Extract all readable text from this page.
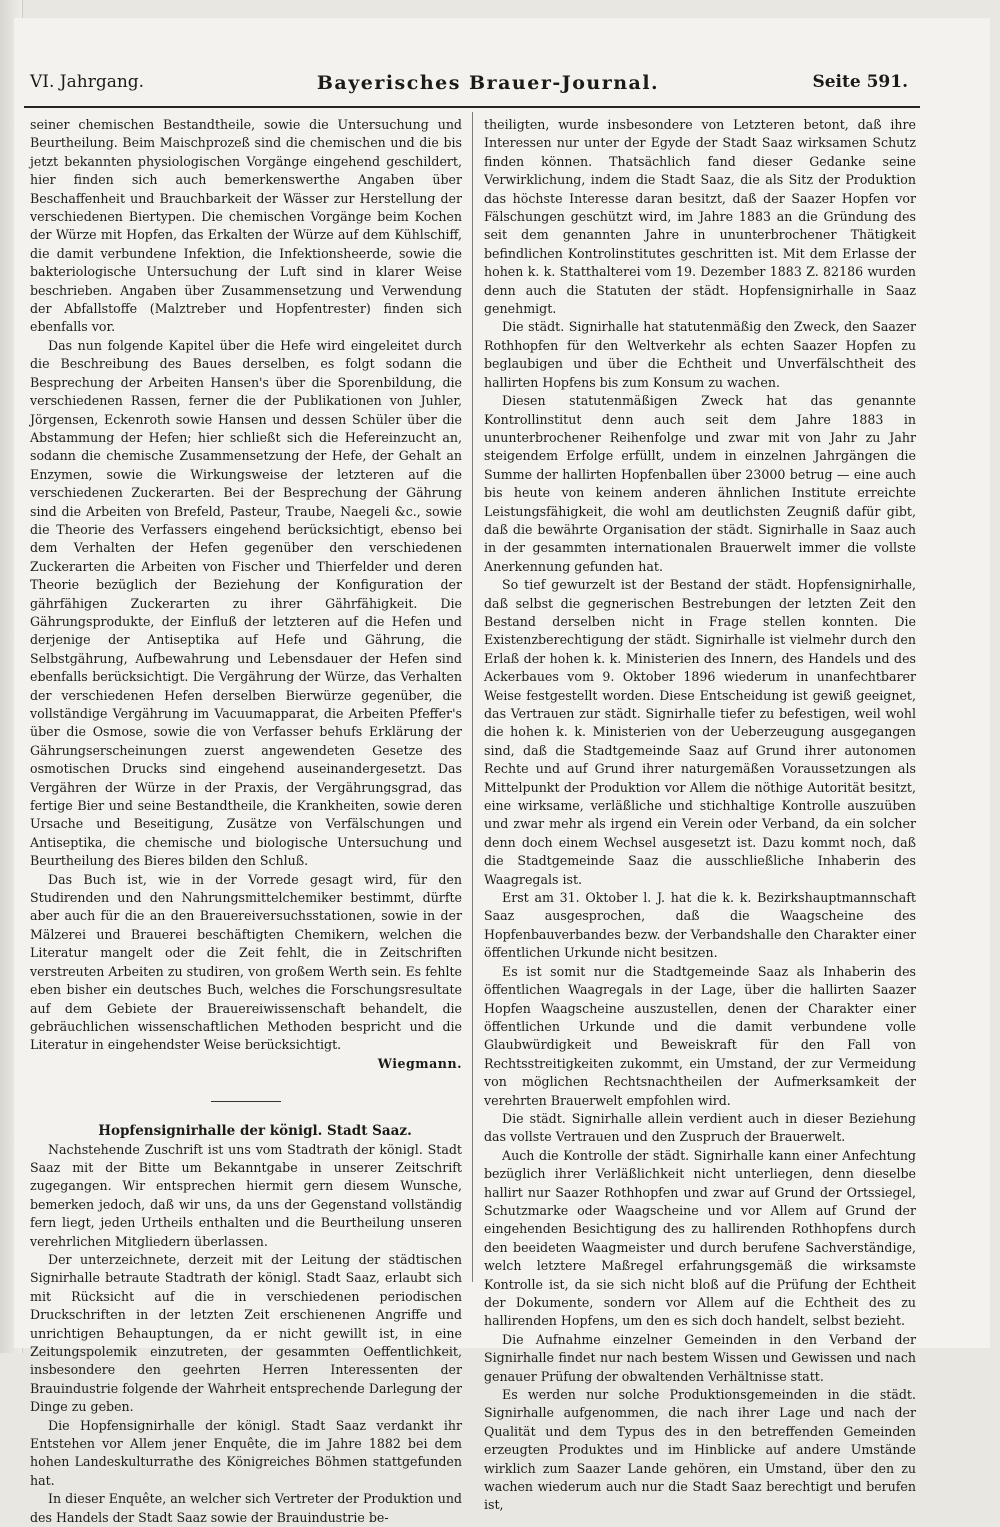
VI. Jahrgang.	Bayerisches Brauer-Journal.	Seite 591.

seiner chemischen Bestandtheile, sowie die Untersuchung und Beurtheilung. Beim Maischprozeß sind die chemischen und die bis jetzt bekannten physiologischen Vorgänge eingehend geschildert, hier finden sich auch bemerkenswerthe Angaben über Beschaffenheit und Brauchbarkeit der Wässer zur Herstellung der verschiedenen Biertypen. Die chemischen Vorgänge beim Kochen der Würze mit Hopfen, das Erkalten der Würze auf dem Kühlschiff, die damit verbundene Infektion, die Infektionsheerde, sowie die bakteriologische Untersuchung der Luft sind in klarer Weise beschrieben. Angaben über Zusammensetzung und Verwendung der Abfallstoffe (Malztreber und Hopfentrester) finden sich ebenfalls vor.

Das nun folgende Kapitel über die Hefe wird eingeleitet durch die Beschreibung des Baues derselben, es folgt sodann die Besprechung der Arbeiten Hansen's über die Sporenbildung, die verschiedenen Rassen, ferner die der Publikationen von Juhler, Jörgensen, Eckenroth sowie Hansen und dessen Schüler über die Abstammung der Hefen; hier schließt sich die Hefereinzucht an, sodann die chemische Zusammensetzung der Hefe, der Gehalt an Enzymen, sowie die Wirkungsweise der letzteren auf die verschiedenen Zuckerarten. Bei der Besprechung der Gährung sind die Arbeiten von Brefeld, Pasteur, Traube, Naegeli &c., sowie die Theorie des Verfassers eingehend berücksichtigt, ebenso bei dem Verhalten der Hefen gegenüber den verschiedenen Zuckerarten die Arbeiten von Fischer und Thierfelder und deren Theorie bezüglich der Beziehung der Konfiguration der gährfähigen Zuckerarten zu ihrer Gährfähigkeit. Die Gährungsprodukte, der Einfluß der letzteren auf die Hefen und derjenige der Antiseptika auf Hefe und Gährung, die Selbstgährung, Aufbewahrung und Lebensdauer der Hefen sind ebenfalls berücksichtigt. Die Vergährung der Würze, das Verhalten der verschiedenen Hefen derselben Bierwürze gegenüber, die vollständige Vergährung im Vacuumapparat, die Arbeiten Pfeffer's über die Osmose, sowie die von Verfasser behufs Erklärung der Gährungserscheinungen zuerst angewendeten Gesetze des osmotischen Drucks sind eingehend auseinandergesetzt. Das Vergähren der Würze in der Praxis, der Vergährungsgrad, das fertige Bier und seine Bestandtheile, die Krankheiten, sowie deren Ursache und Beseitigung, Zusätze von Verfälschungen und Antiseptika, die chemische und biologische Untersuchung und Beurtheilung des Bieres bilden den Schluß.

Das Buch ist, wie in der Vorrede gesagt wird, für den Studirenden und den Nahrungsmittelchemiker bestimmt, dürfte aber auch für die an den Brauereiversuchsstationen, sowie in der Mälzerei und Brauerei beschäftigten Chemikern, welchen die Literatur mangelt oder die Zeit fehlt, die in Zeitschriften verstreuten Arbeiten zu studiren, von großem Werth sein. Es fehlte eben bisher ein deutsches Buch, welches die Forschungsresultate auf dem Gebiete der Brauereiwissenschaft behandelt, die gebräuchlichen wissenschaftlichen Methoden bespricht und die Literatur in eingehendster Weise berücksichtigt.

Wiegmann.

Hopfensignirhalle der königl. Stadt Saaz.

Nachstehende Zuschrift ist uns vom Stadtrath der königl. Stadt Saaz mit der Bitte um Bekanntgabe in unserer Zeitschrift zugegangen. Wir entsprechen hiermit gern diesem Wunsche, bemerken jedoch, daß wir uns, da uns der Gegenstand vollständig fern liegt, jeden Urtheils enthalten und die Beurtheilung unseren verehrlichen Mitgliedern überlassen.

Der unterzeichnete, derzeit mit der Leitung der städtischen Signirhalle betraute Stadtrath der königl. Stadt Saaz, erlaubt sich mit Rücksicht auf die in verschiedenen periodischen Druckschriften in der letzten Zeit erschienenen Angriffe und unrichtigen Behauptungen, da er nicht gewillt ist, in eine Zeitungspolemik einzutreten, der gesammten Oeffentlichkeit, insbesondere den geehrten Herren Interessenten der Brauindustrie folgende der Wahrheit entsprechende Darlegung der Dinge zu geben.

Die Hopfensignirhalle der königl. Stadt Saaz verdankt ihr Entstehen vor Allem jener Enquête, die im Jahre 1882 bei dem hohen Landeskulturrathe des Königreiches Böhmen stattgefunden hat.

In dieser Enquête, an welcher sich Vertreter der Produktion und des Handels der Stadt Saaz sowie der Brauindustrie be-

theiligten, wurde insbesondere von Letzteren betont, daß ihre Interessen nur unter der Egyde der Stadt Saaz wirksamen Schutz finden können. Thatsächlich fand dieser Gedanke seine Verwirklichung, indem die Stadt Saaz, die als Sitz der Produktion das höchste Interesse daran besitzt, daß der Saazer Hopfen vor Fälschungen geschützt wird, im Jahre 1883 an die Gründung des seit dem genannten Jahre in ununterbrochener Thätigkeit befindlichen Kontrolinstitutes geschritten ist. Mit dem Erlasse der hohen k. k. Statthalterei vom 19. Dezember 1883 Z. 82186 wurden denn auch die Statuten der städt. Hopfensignirhalle in Saaz genehmigt.

Die städt. Signirhalle hat statutenmäßig den Zweck, den Saazer Rothhopfen für den Weltverkehr als echten Saazer Hopfen zu beglaubigen und über die Echtheit und Unverfälschtheit des hallirten Hopfens bis zum Konsum zu wachen.

Diesen statutenmäßigen Zweck hat das genannte Kontrollinstitut denn auch seit dem Jahre 1883 in ununterbrochener Reihenfolge und zwar mit von Jahr zu Jahr steigendem Erfolge erfüllt, undem in einzelnen Jahrgängen die Summe der hallirten Hopfenballen über 23000 betrug — eine auch bis heute von keinem anderen ähnlichen Institute erreichte Leistungsfähigkeit, die wohl am deutlichsten Zeugniß dafür gibt, daß die bewährte Organisation der städt. Signirhalle in Saaz auch in der gesammten internationalen Brauerwelt immer die vollste Anerkennung gefunden hat.

So tief gewurzelt ist der Bestand der städt. Hopfensignirhalle, daß selbst die gegnerischen Bestrebungen der letzten Zeit den Bestand derselben nicht in Frage stellen konnten. Die Existenzberechtigung der städt. Signirhalle ist vielmehr durch den Erlaß der hohen k. k. Ministerien des Innern, des Handels und des Ackerbaues vom 9. Oktober 1896 wiederum in unanfechtbarer Weise festgestellt worden. Diese Entscheidung ist gewiß geeignet, das Vertrauen zur städt. Signirhalle tiefer zu befestigen, weil wohl die hohen k. k. Ministerien von der Ueberzeugung ausgegangen sind, daß die Stadtgemeinde Saaz auf Grund ihrer autonomen Rechte und auf Grund ihrer naturgemäßen Voraussetzungen als Mittelpunkt der Produktion vor Allem die nöthige Autorität besitzt, eine wirksame, verläßliche und stichhaltige Kontrolle auszuüben und zwar mehr als irgend ein Verein oder Verband, da ein solcher denn doch einem Wechsel ausgesetzt ist. Dazu kommt noch, daß die Stadtgemeinde Saaz die ausschließliche Inhaberin des Waagregals ist.

Erst am 31. Oktober l. J. hat die k. k. Bezirkshauptmannschaft Saaz ausgesprochen, daß die Waagscheine des Hopfenbauverbandes bezw. der Verbandshalle den Charakter einer öffentlichen Urkunde nicht besitzen.

Es ist somit nur die Stadtgemeinde Saaz als Inhaberin des öffentlichen Waagregals in der Lage, über die hallirten Saazer Hopfen Waagscheine auszustellen, denen der Charakter einer öffentlichen Urkunde und die damit verbundene volle Glaubwürdigkeit und Beweiskraft für den Fall von Rechtsstreitigkeiten zukommt, ein Umstand, der zur Vermeidung von möglichen Rechtsnachtheilen der Aufmerksamkeit der verehrten Brauerwelt empfohlen wird.

Die städt. Signirhalle allein verdient auch in dieser Beziehung das vollste Vertrauen und den Zuspruch der Brauerwelt.

Auch die Kontrolle der städt. Signirhalle kann einer Anfechtung bezüglich ihrer Verläßlichkeit nicht unterliegen, denn dieselbe hallirt nur Saazer Rothhopfen und zwar auf Grund der Ortssiegel, Schutzmarke oder Waagscheine und vor Allem auf Grund der eingehenden Besichtigung des zu hallirenden Rothhopfens durch den beeideten Waagmeister und durch berufene Sachverständige, welch letztere Maßregel erfahrungsgemäß die wirksamste Kontrolle ist, da sie sich nicht bloß auf die Prüfung der Echtheit der Dokumente, sondern vor Allem auf die Echtheit des zu hallirenden Hopfens, um den es sich doch handelt, selbst bezieht.

Die Aufnahme einzelner Gemeinden in den Verband der Signirhalle findet nur nach bestem Wissen und Gewissen und nach genauer Prüfung der obwaltenden Verhältnisse statt.

Es werden nur solche Produktionsgemeinden in die städt. Signirhalle aufgenommen, die nach ihrer Lage und nach der Qualität und dem Typus des in den betreffenden Gemeinden erzeugten Produktes und im Hinblicke auf andere Umstände wirklich zum Saazer Lande gehören, ein Umstand, über den zu wachen wiederum auch nur die Stadt Saaz berechtigt und berufen ist,
